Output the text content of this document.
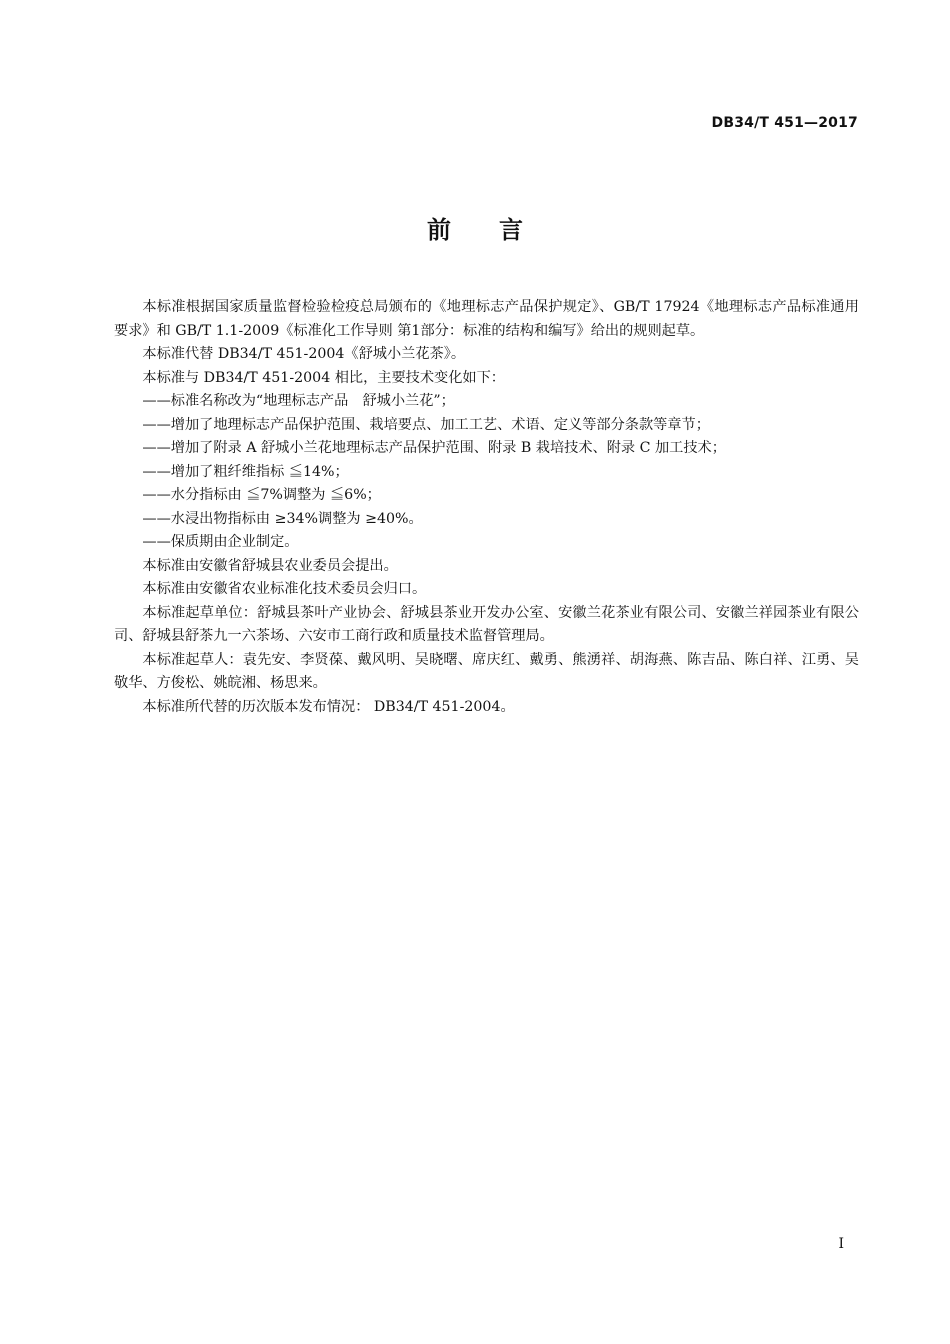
DB34/T 451—2017
前言

本标准根据国家质量监督检验检疫总局颁布的《地理标志产品保护规定》、GB/T 17924《地理标志产品标准通用要求》和 GB/T 1.1-2009《标准化工作导则 第1部分：标准的结构和编写》给出的规则起草。

本标准代替 DB34/T 451-2004《舒城小兰花茶》。

本标准与 DB34/T 451-2004 相比，主要技术变化如下：

——标准名称改为“地理标志产品　舒城小兰花”；

——增加了地理标志产品保护范围、栽培要点、加工工艺、术语、定义等部分条款等章节；

——增加了附录 A 舒城小兰花地理标志产品保护范围、附录 B 栽培技术、附录 C 加工技术；

——增加了粗纤维指标 ≦14%；

——水分指标由 ≦7%调整为 ≦6%；

——水浸出物指标由 ≥34%调整为 ≥40%。

——保质期由企业制定。

本标准由安徽省舒城县农业委员会提出。

本标准由安徽省农业标准化技术委员会归口。

本标准起草单位：舒城县茶叶产业协会、舒城县茶业开发办公室、安徽兰花茶业有限公司、安徽兰祥园茶业有限公司、舒城县舒茶九一六茶场、六安市工商行政和质量技术监督管理局。

本标准起草人：袁先安、李贤葆、戴风明、吴晓曙、席庆红、戴勇、熊湧祥、胡海燕、陈吉品、陈白祥、江勇、吴敬华、方俊松、姚皖湘、杨思来。

本标准所代替的历次版本发布情况： DB34/T 451-2004。

I
